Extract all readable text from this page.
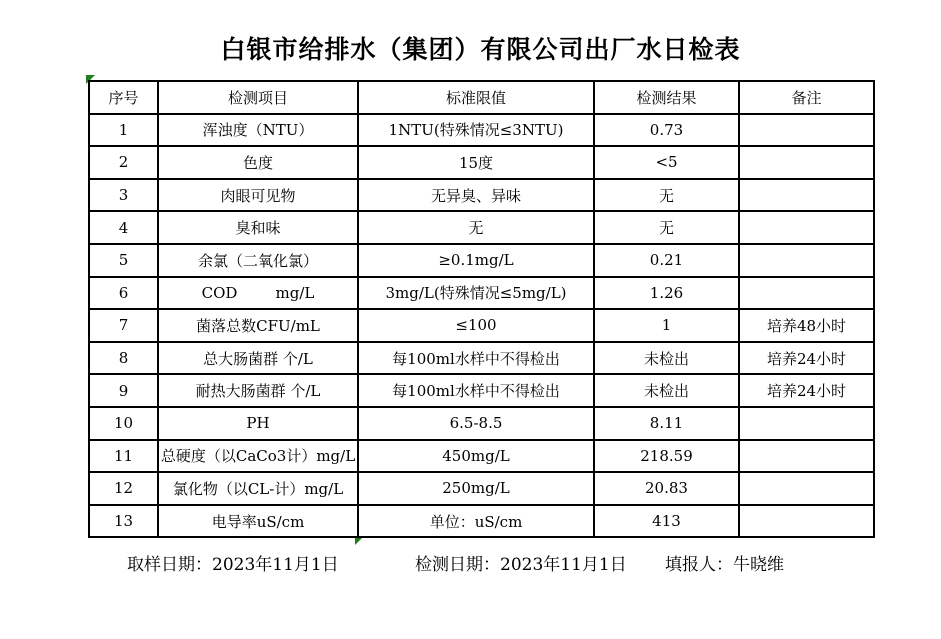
白银市给排水（集团）有限公司出厂水日检表
序号	检测项目	标准限值	检测结果	备注
1	浑浊度（NTU）	1NTU(特殊情况≤3NTU)	0.73	
2	色度	15度	<5	
3	肉眼可见物	无异臭、异味	无	
4	臭和味	无	无	
5	余氯（二氧化氯）	≥0.1mg/L	0.21	
6	COD        mg/L	3mg/L(特殊情况≤5mg/L)	1.26	
7	菌落总数CFU/mL	≤100	1	培养48小时
8	总大肠菌群 个/L	每100ml水样中不得检出	未检出	培养24小时
9	耐热大肠菌群 个/L	每100ml水样中不得检出	未检出	培养24小时
10	PH	6.5-8.5	8.11	
11	总硬度（以CaCo3计）mg/L	450mg/L	218.59	
12	氯化物（以CL-计）mg/L	250mg/L	20.83	
13	电导率uS/cm	单位：uS/cm	413	
取样日期：2023年11月1日	检测日期：2023年11月1日 填报人：牛晓维
